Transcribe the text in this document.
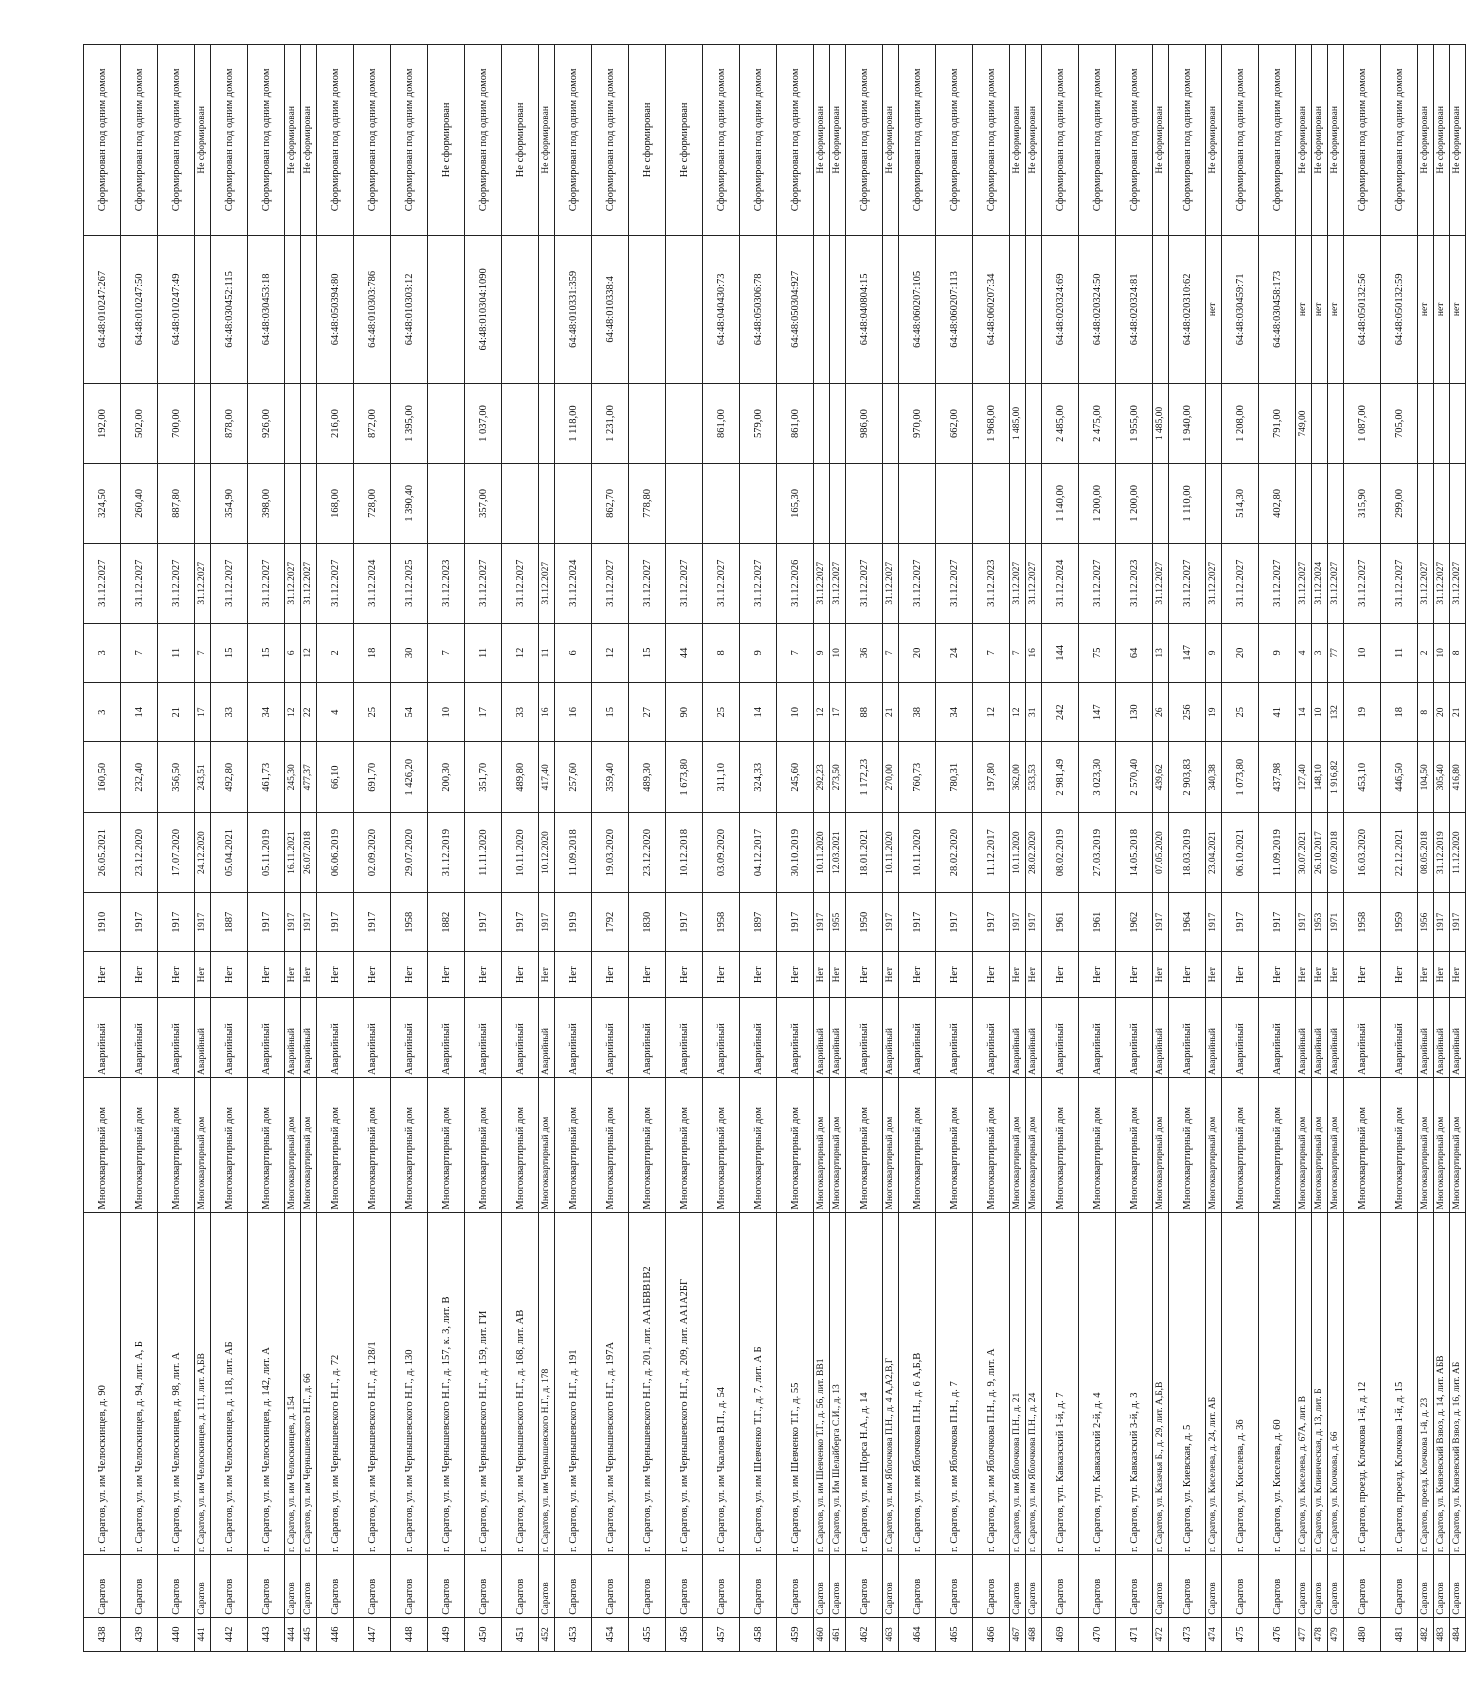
438	Саратов	г. Саратов, ул. им Челюскинцев, д. 90	Многоквартирный дом	Аварийный	Нет	1910	26.05.2021	160,50	3	3	31.12.2027	324,50	192,00	64:48:010247:267	Сформирован под одним домом
439	Саратов	г. Саратов, ул. им Челюскинцев, д. 94, лит. А, Б	Многоквартирный дом	Аварийный	Нет	1917	23.12.2020	232,40	14	7	31.12.2027	260,40	502,00	64:48:010247:50	Сформирован под одним домом
440	Саратов	г. Саратов, ул. им Челюскинцев, д. 98, лит. А	Многоквартирный дом	Аварийный	Нет	1917	17.07.2020	356,50	21	11	31.12.2027	887,80	700,00	64:48:010247:49	Сформирован под одним домом
441	Саратов	г. Саратов, ул. им Челюскинцев, д. 111, лит. А,БВ	Многоквартирный дом	Аварийный	Нет	1917	24.12.2020	243,51	17	7	31.12.2027				Не сформирован
442	Саратов	г. Саратов, ул. им Челюскинцев, д. 118, лит. АБ	Многоквартирный дом	Аварийный	Нет	1887	05.04.2021	492,80	33	15	31.12.2027	354,90	878,00	64:48:030452:115	Сформирован под одним домом
443	Саратов	г. Саратов, ул. им Челюскинцев, д. 142, лит. А	Многоквартирный дом	Аварийный	Нет	1917	05.11.2019	461,73	34	15	31.12.2027	398,00	926,00	64:48:030453:18	Сформирован под одним домом
444	Саратов	г. Саратов, ул. им Челюскинцев, д. 154	Многоквартирный дом	Аварийный	Нет	1917	16.11.2021	245,30	12	6	31.12.2027				Не сформирован
445	Саратов	г. Саратов, ул. им Чернышевского Н.Г., д. 66	Многоквартирный дом	Аварийный	Нет	1917	26.07.2018	477,37	22	12	31.12.2027				Не сформирован
446	Саратов	г. Саратов, ул. им Чернышевского Н.Г., д. 72	Многоквартирный дом	Аварийный	Нет	1917	06.06.2019	66,10	4	2	31.12.2027	168,00	216,00	64:48:050394:80	Сформирован под одним домом
447	Саратов	г. Саратов, ул. им Чернышевского Н.Г., д. 128/1	Многоквартирный дом	Аварийный	Нет	1917	02.09.2020	691,70	25	18	31.12.2024	728,00	872,00	64:48:010303:786	Сформирован под одним домом
448	Саратов	г. Саратов, ул. им Чернышевского Н.Г., д. 130	Многоквартирный дом	Аварийный	Нет	1958	29.07.2020	1 426,20	54	30	31.12.2025	1 390,40	1 395,00	64:48:010303:12	Сформирован под одним домом
449	Саратов	г. Саратов, ул. им Чернышевского Н.Г., д. 157, к. 3, лит. В	Многоквартирный дом	Аварийный	Нет	1882	31.12.2019	200,30	10	7	31.12.2023				Не сформирован
450	Саратов	г. Саратов, ул. им Чернышевского Н.Г., д. 159, лит. ГИ	Многоквартирный дом	Аварийный	Нет	1917	11.11.2020	351,70	17	11	31.12.2027	357,00	1 037,00	64:48:010304:1090	Сформирован под одним домом
451	Саратов	г. Саратов, ул. им Чернышевского Н.Г., д. 168, лит. АВ	Многоквартирный дом	Аварийный	Нет	1917	10.11.2020	489,80	33	12	31.12.2027				Не сформирован
452	Саратов	г. Саратов, ул. им Чернышевского Н.Г., д. 178	Многоквартирный дом	Аварийный	Нет	1917	10.12.2020	417,40	16	11	31.12.2027				Не сформирован
453	Саратов	г. Саратов, ул. им Чернышевского Н.Г., д. 191	Многоквартирный дом	Аварийный	Нет	1919	11.09.2018	257,60	16	6	31.12.2024		1 118,00	64:48:010331:359	Сформирован под одним домом
454	Саратов	г. Саратов, ул. им Чернышевского Н.Г., д. 197А	Многоквартирный дом	Аварийный	Нет	1792	19.03.2020	359,40	15	12	31.12.2027	862,70	1 231,00	64:48:010338:4	Сформирован под одним домом
455	Саратов	г. Саратов, ул. им Чернышевского Н.Г., д. 201, лит. АА1БВВ1В2	Многоквартирный дом	Аварийный	Нет	1830	23.12.2020	489,30	27	15	31.12.2027	778,80			Не сформирован
456	Саратов	г. Саратов, ул. им Чернышевского Н.Г., д. 209, лит. АА1А2БГ	Многоквартирный дом	Аварийный	Нет	1917	10.12.2018	1 673,80	90	44	31.12.2027				Не сформирован
457	Саратов	г. Саратов, ул. им Чкалова В.П., д. 54	Многоквартирный дом	Аварийный	Нет	1958	03.09.2020	311,10	25	8	31.12.2027		861,00	64:48:040430:73	Сформирован под одним домом
458	Саратов	г. Саратов, ул. им Шевченко Т.Г., д. 7, лит. А Б	Многоквартирный дом	Аварийный	Нет	1897	04.12.2017	324,33	14	9	31.12.2027		579,00	64:48:050306:78	Сформирован под одним домом
459	Саратов	г. Саратов, ул. им Шевченко Т.Г., д. 55	Многоквартирный дом	Аварийный	Нет	1917	30.10.2019	245,60	10	7	31.12.2026	165,30	861,00	64:48:050304:927	Сформирован под одним домом
460	Саратов	г. Саратов, ул. им Шевченко Т.Г., д. 56, лит. ВВ1	Многоквартирный дом	Аварийный	Нет	1917	10.11.2020	292,23	12	9	31.12.2027				Не сформирован
461	Саратов	г. Саратов, ул. Им Шелайберга С.И., д. 13	Многоквартирный дом	Аварийный	Нет	1955	12.03.2021	273,50	17	10	31.12.2027				Не сформирован
462	Саратов	г. Саратов, ул. им Щорса Н.А., д. 14	Многоквартирный дом	Аварийный	Нет	1950	18.01.2021	1 172,23	88	36	31.12.2027		986,00	64:48:040804:15	Сформирован под одним домом
463	Саратов	г. Саратов, ул. им Яблочкова П.Н., д. 4 А,А2,В,Г	Многоквартирный дом	Аварийный	Нет	1917	10.11.2020	270,00	21	7	31.12.2027				Не сформирован
464	Саратов	г. Саратов, ул. им Яблочкова П.Н., д. 6 А,Б,В	Многоквартирный дом	Аварийный	Нет	1917	10.11.2020	760,73	38	20	31.12.2027		970,00	64:48:060207:105	Сформирован под одним домом
465	Саратов	г. Саратов, ул. им Яблочкова П.Н., д. 7	Многоквартирный дом	Аварийный	Нет	1917	28.02.2020	780,31	34	24	31.12.2027		662,00	64:48:060207:113	Сформирован под одним домом
466	Саратов	г. Саратов, ул. им Яблочкова П.Н., д. 9, лит. А	Многоквартирный дом	Аварийный	Нет	1917	11.12.2017	197,80	12	7	31.12.2023		1 968,00	64:48:060207:34	Сформирован под одним домом
467	Саратов	г. Саратов, ул. им Яблочкова П.Н., д. 21	Многоквартирный дом	Аварийный	Нет	1917	10.11.2020	362,00	12	7	31.12.2027		1 485,00		Не сформирован
468	Саратов	г. Саратов, ул. им Яблочкова П.Н., д. 24	Многоквартирный дом	Аварийный	Нет	1917	28.02.2020	533,53	31	16	31.12.2027				Не сформирован
469	Саратов	г. Саратов, туп. Кавказский 1-й, д. 7	Многоквартирный дом	Аварийный	Нет	1961	08.02.2019	2 981,49	242	144	31.12.2024	1 140,00	2 485,00	64:48:020324:69	Сформирован под одним домом
470	Саратов	г. Саратов, туп. Кавказский 2-й, д. 4	Многоквартирный дом	Аварийный	Нет	1961	27.03.2019	3 023,30	147	75	31.12.2027	1 200,00	2 475,00	64:48:020324:50	Сформирован под одним домом
471	Саратов	г. Саратов, туп. Кавказский 3-й, д. 3	Многоквартирный дом	Аварийный	Нет	1962	14.05.2018	2 570,40	130	64	31.12.2023	1 200,00	1 955,00	64:48:020324:81	Сформирован под одним домом
472	Саратов	г. Саратов, ул. Казачья Б., д. 29, лит. А,Б,В	Многоквартирный дом	Аварийный	Нет	1917	07.05.2020	439,62	26	13	31.12.2027		1 485,00		Не сформирован
473	Саратов	г. Саратов, ул. Киевская, д. 5	Многоквартирный дом	Аварийный	Нет	1964	18.03.2019	2 903,83	256	147	31.12.2027	1 110,00	1 940,00	64:48:020310:62	Сформирован под одним домом
474	Саратов	г. Саратов, ул. Киселева, д. 24, лит. АБ	Многоквартирный дом	Аварийный	Нет	1917	23.04.2021	340,38	19	9	31.12.2027			нет	Не сформирован
475	Саратов	г. Саратов, ул. Киселева, д. 36	Многоквартирный дом	Аварийный	Нет	1917	06.10.2021	1 073,80	25	20	31.12.2027	514,30	1 208,00	64:48:030459:71	Сформирован под одним домом
476	Саратов	г. Саратов, ул. Киселева, д. 60	Многоквартирный дом	Аварийный	Нет	1917	11.09.2019	437,98	41	9	31.12.2027	402,80	791,00	64:48:030458:173	Сформирован под одним домом
477	Саратов	г. Саратов, ул. Киселева, д. 67А, лит. В	Многоквартирный дом	Аварийный	Нет	1917	30.07.2021	127,40	14	4	31.12.2027		749,00	нет	Не сформирован
478	Саратов	г. Саратов, ул. Клиническая, д. 13, лит. Б	Многоквартирный дом	Аварийный	Нет	1953	26.10.2017	148,10	10	3	31.12.2024			нет	Не сформирован
479	Саратов	г. Саратов, ул. Клочкова, д. 66	Многоквартирный дом	Аварийный	Нет	1971	07.09.2018	1 916,82	132	77	31.12.2027			нет	Не сформирован
480	Саратов	г. Саратов, проезд. Клочкова 1-й, д. 12	Многоквартирный дом	Аварийный	Нет	1958	16.03.2020	453,10	19	10	31.12.2027	315,90	1 087,00	64:48:050132:56	Сформирован под одним домом
481	Саратов	г. Саратов, проезд. Клочкова 1-й, д. 15	Многоквартирный дом	Аварийный	Нет	1959	22.12.2021	446,50	18	11	31.12.2027	299,00	705,00	64:48:050132:59	Сформирован под одним домом
482	Саратов	г. Саратов, проезд. Клочкова 1-й, д. 23	Многоквартирный дом	Аварийный	Нет	1956	08.05.2018	104,50	8	2	31.12.2027			нет	Не сформирован
483	Саратов	г. Саратов, ул. Князевский Взвоз, д. 14, лит. АБВ	Многоквартирный дом	Аварийный	Нет	1917	31.12.2019	305,40	20	10	31.12.2027			нет	Не сформирован
484	Саратов	г. Саратов, ул. Князевский Взвоз, д. 16, лит. АБ	Многоквартирный дом	Аварийный	Нет	1917	11.12.2020	416,80	21	8	31.12.2027			нет	Не сформирован
